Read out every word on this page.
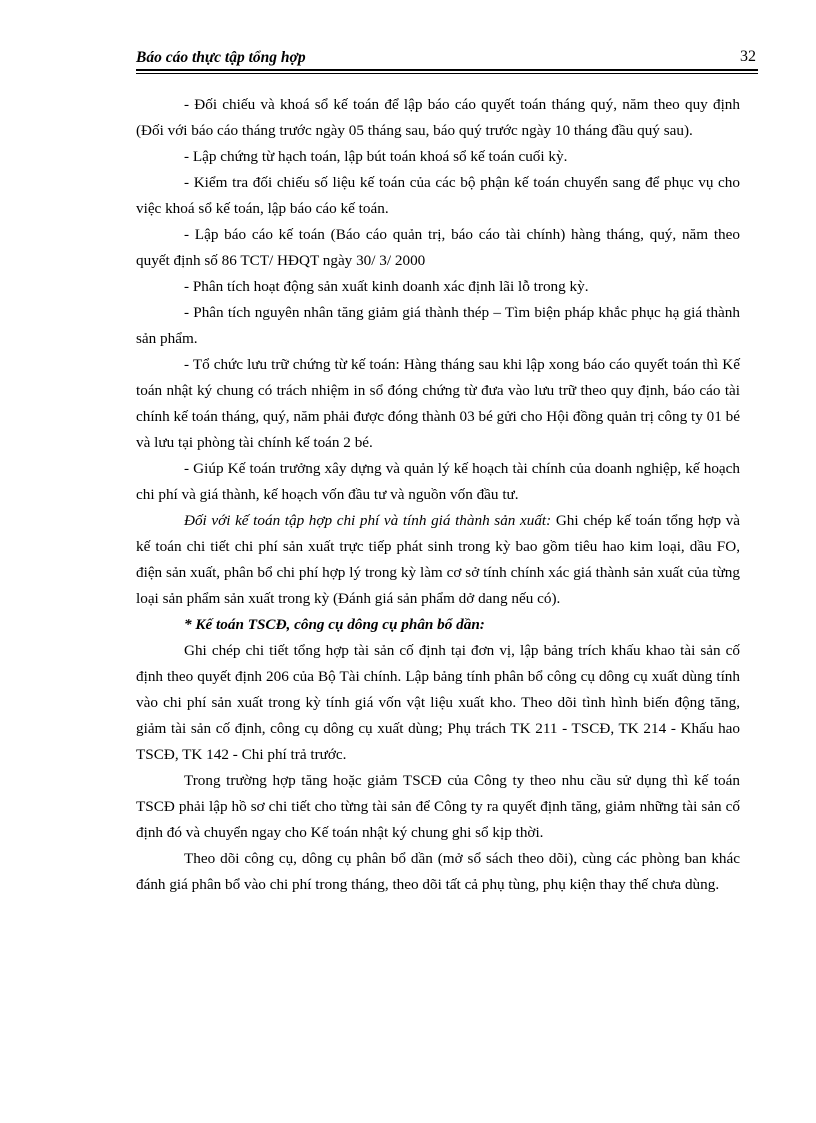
Báo cáo thực tập tổng hợp	32

- Đối chiếu và khoá sổ kế toán để lập báo cáo quyết toán tháng quý, năm theo quy định (Đối với báo cáo tháng trước ngày 05 tháng sau, báo quý trước ngày 10 tháng đầu quý sau).

- Lập chứng từ hạch toán, lập bút toán khoá sổ kế toán cuối kỳ.

- Kiểm tra đối chiếu số liệu kế toán của các bộ phận kế toán chuyển sang để phục vụ cho việc khoá sổ kế toán, lập báo cáo kế toán.

- Lập báo cáo kế toán (Báo cáo quản trị, báo cáo tài chính) hàng tháng, quý, năm theo quyết định số 86 TCT/ HĐQT ngày 30/ 3/ 2000

- Phân tích hoạt động sản xuất kinh doanh xác định lãi lỗ trong kỳ.

- Phân tích nguyên nhân tăng giảm giá thành thép – Tìm biện pháp khắc phục hạ giá thành sản phẩm.

- Tổ chức lưu trữ chứng từ kế toán: Hàng tháng sau khi lập xong báo cáo quyết toán thì Kế toán nhật ký chung có trách nhiệm in sổ đóng chứng từ đưa vào lưu trữ theo quy định, báo cáo tài chính kế toán tháng, quý, năm phải được đóng thành 03 bé gửi cho Hội đồng quản trị công ty 01 bé và lưu tại phòng tài chính kế toán 2 bé.

- Giúp Kế toán trưởng xây dựng và quản lý kế hoạch tài chính của doanh nghiệp, kế hoạch chi phí và giá thành, kế hoạch vốn đầu tư và nguồn vốn đầu tư.

Đối với kế toán tập hợp chi phí và tính giá thành sản xuất: Ghi chép kế toán tổng hợp và kế toán chi tiết chi phí sản xuất trực tiếp phát sinh trong kỳ bao gồm tiêu hao kim loại, dầu FO, điện sản xuất, phân bổ chi phí hợp lý trong kỳ làm cơ sở tính chính xác giá thành sản xuất của từng loại sản phẩm sản xuất trong kỳ (Đánh giá sản phẩm dở dang nếu có).

* Kế toán TSCĐ, công cụ dông cụ phân bổ dần:

Ghi chép chi tiết tổng hợp tài sản cố định tại đơn vị, lập bảng trích khấu khao tài sản cố định theo quyết định 206 của Bộ Tài chính. Lập bảng tính phân bổ công cụ dông cụ xuất dùng tính vào chi phí sản xuất trong kỳ tính giá vốn vật liệu xuất kho. Theo dõi tình hình biến động tăng, giảm tài sản cố định, công cụ dông cụ xuất dùng; Phụ trách TK 211 - TSCĐ, TK 214 - Khấu hao TSCĐ, TK 142 - Chi phí trả trước.

Trong trường hợp tăng hoặc giảm TSCĐ của Công ty theo nhu cầu sử dụng thì kế toán TSCĐ phải lập hồ sơ chi tiết cho từng tài sản để Công ty ra quyết định tăng, giảm những tài sản cố định đó và chuyển ngay cho Kế toán nhật ký chung ghi sổ kịp thời.

Theo dõi công cụ, dông cụ phân bổ dần (mở sổ sách theo dõi), cùng các phòng ban khác đánh giá phân bổ vào chi phí trong tháng, theo dõi tất cả phụ tùng, phụ kiện thay thế chưa dùng.
